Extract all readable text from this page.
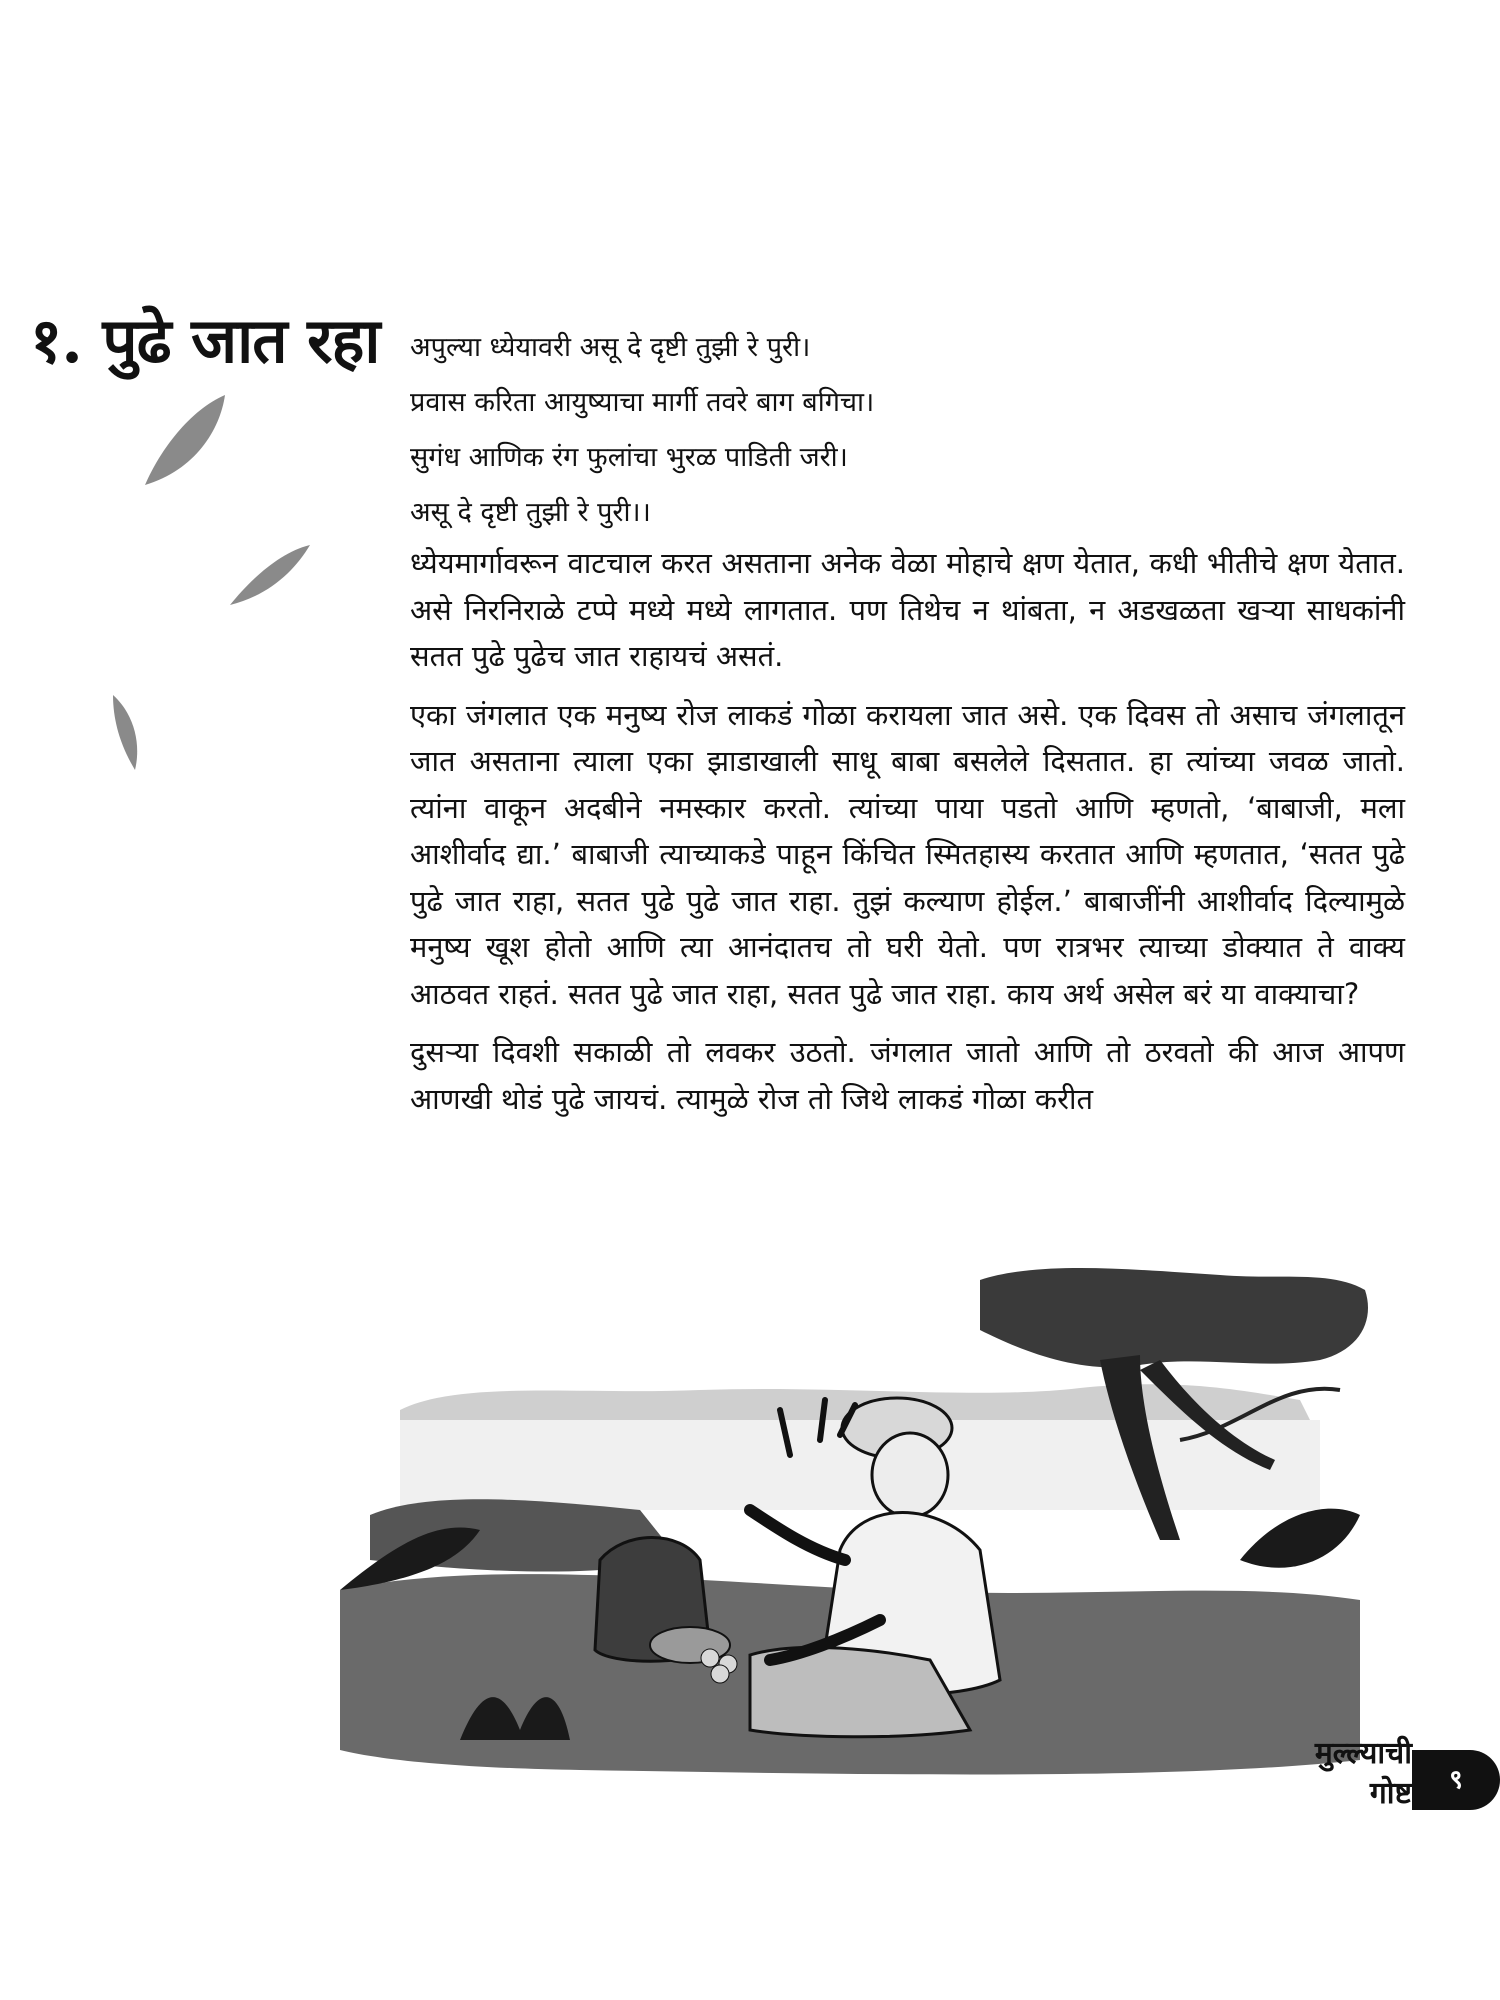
१. पुढे जात रहा	अपुल्या ध्येयावरी असू दे दृष्टी तुझी रे पुरी।
प्रवास करिता आयुष्याचा मार्गी तवरे बाग बगिचा।
सुगंध आणिक रंग फुलांचा भुरळ पाडिती जरी।
असू दे दृष्टी तुझी रे पुरी।।

ध्येयमार्गावरून वाटचाल करत असताना अनेक वेळा मोहाचे क्षण येतात, कधी भीतीचे क्षण येतात. असे निरनिराळे टप्पे मध्ये मध्ये लागतात. पण तिथेच न थांबता, न अडखळता खऱ्या साधकांनी सतत पुढे पुढेच जात राहायचं असतं.

एका जंगलात एक मनुष्य रोज लाकडं गोळा करायला जात असे. एक दिवस तो असाच जंगलातून जात असताना त्याला एका झाडाखाली साधू बाबा बसलेले दिसतात. हा त्यांच्या जवळ जातो. त्यांना वाकून अदबीने नमस्कार करतो. त्यांच्या पाया पडतो आणि म्हणतो, ‘बाबाजी, मला आशीर्वाद द्या.’ बाबाजी त्याच्याकडे पाहून किंचित स्मितहास्य करतात आणि म्हणतात, ‘सतत पुढे पुढे जात राहा, सतत पुढे पुढे जात राहा. तुझं कल्याण होईल.’ बाबाजींनी आशीर्वाद दिल्यामुळे मनुष्य खूश होतो आणि त्या आनंदातच तो घरी येतो. पण रात्रभर त्याच्या डोक्यात ते वाक्य आठवत राहतं. सतत पुढे जात राहा, सतत पुढे जात राहा. काय अर्थ असेल बरं या वाक्याचा?

दुसऱ्या दिवशी सकाळी तो लवकर उठतो. जंगलात जातो आणि तो ठरवतो की आज आपण आणखी थोडं पुढे जायचं. त्यामुळे रोज तो जिथे लाकडं गोळा करीत

मुल्ल्याची
गोष्ट	९
